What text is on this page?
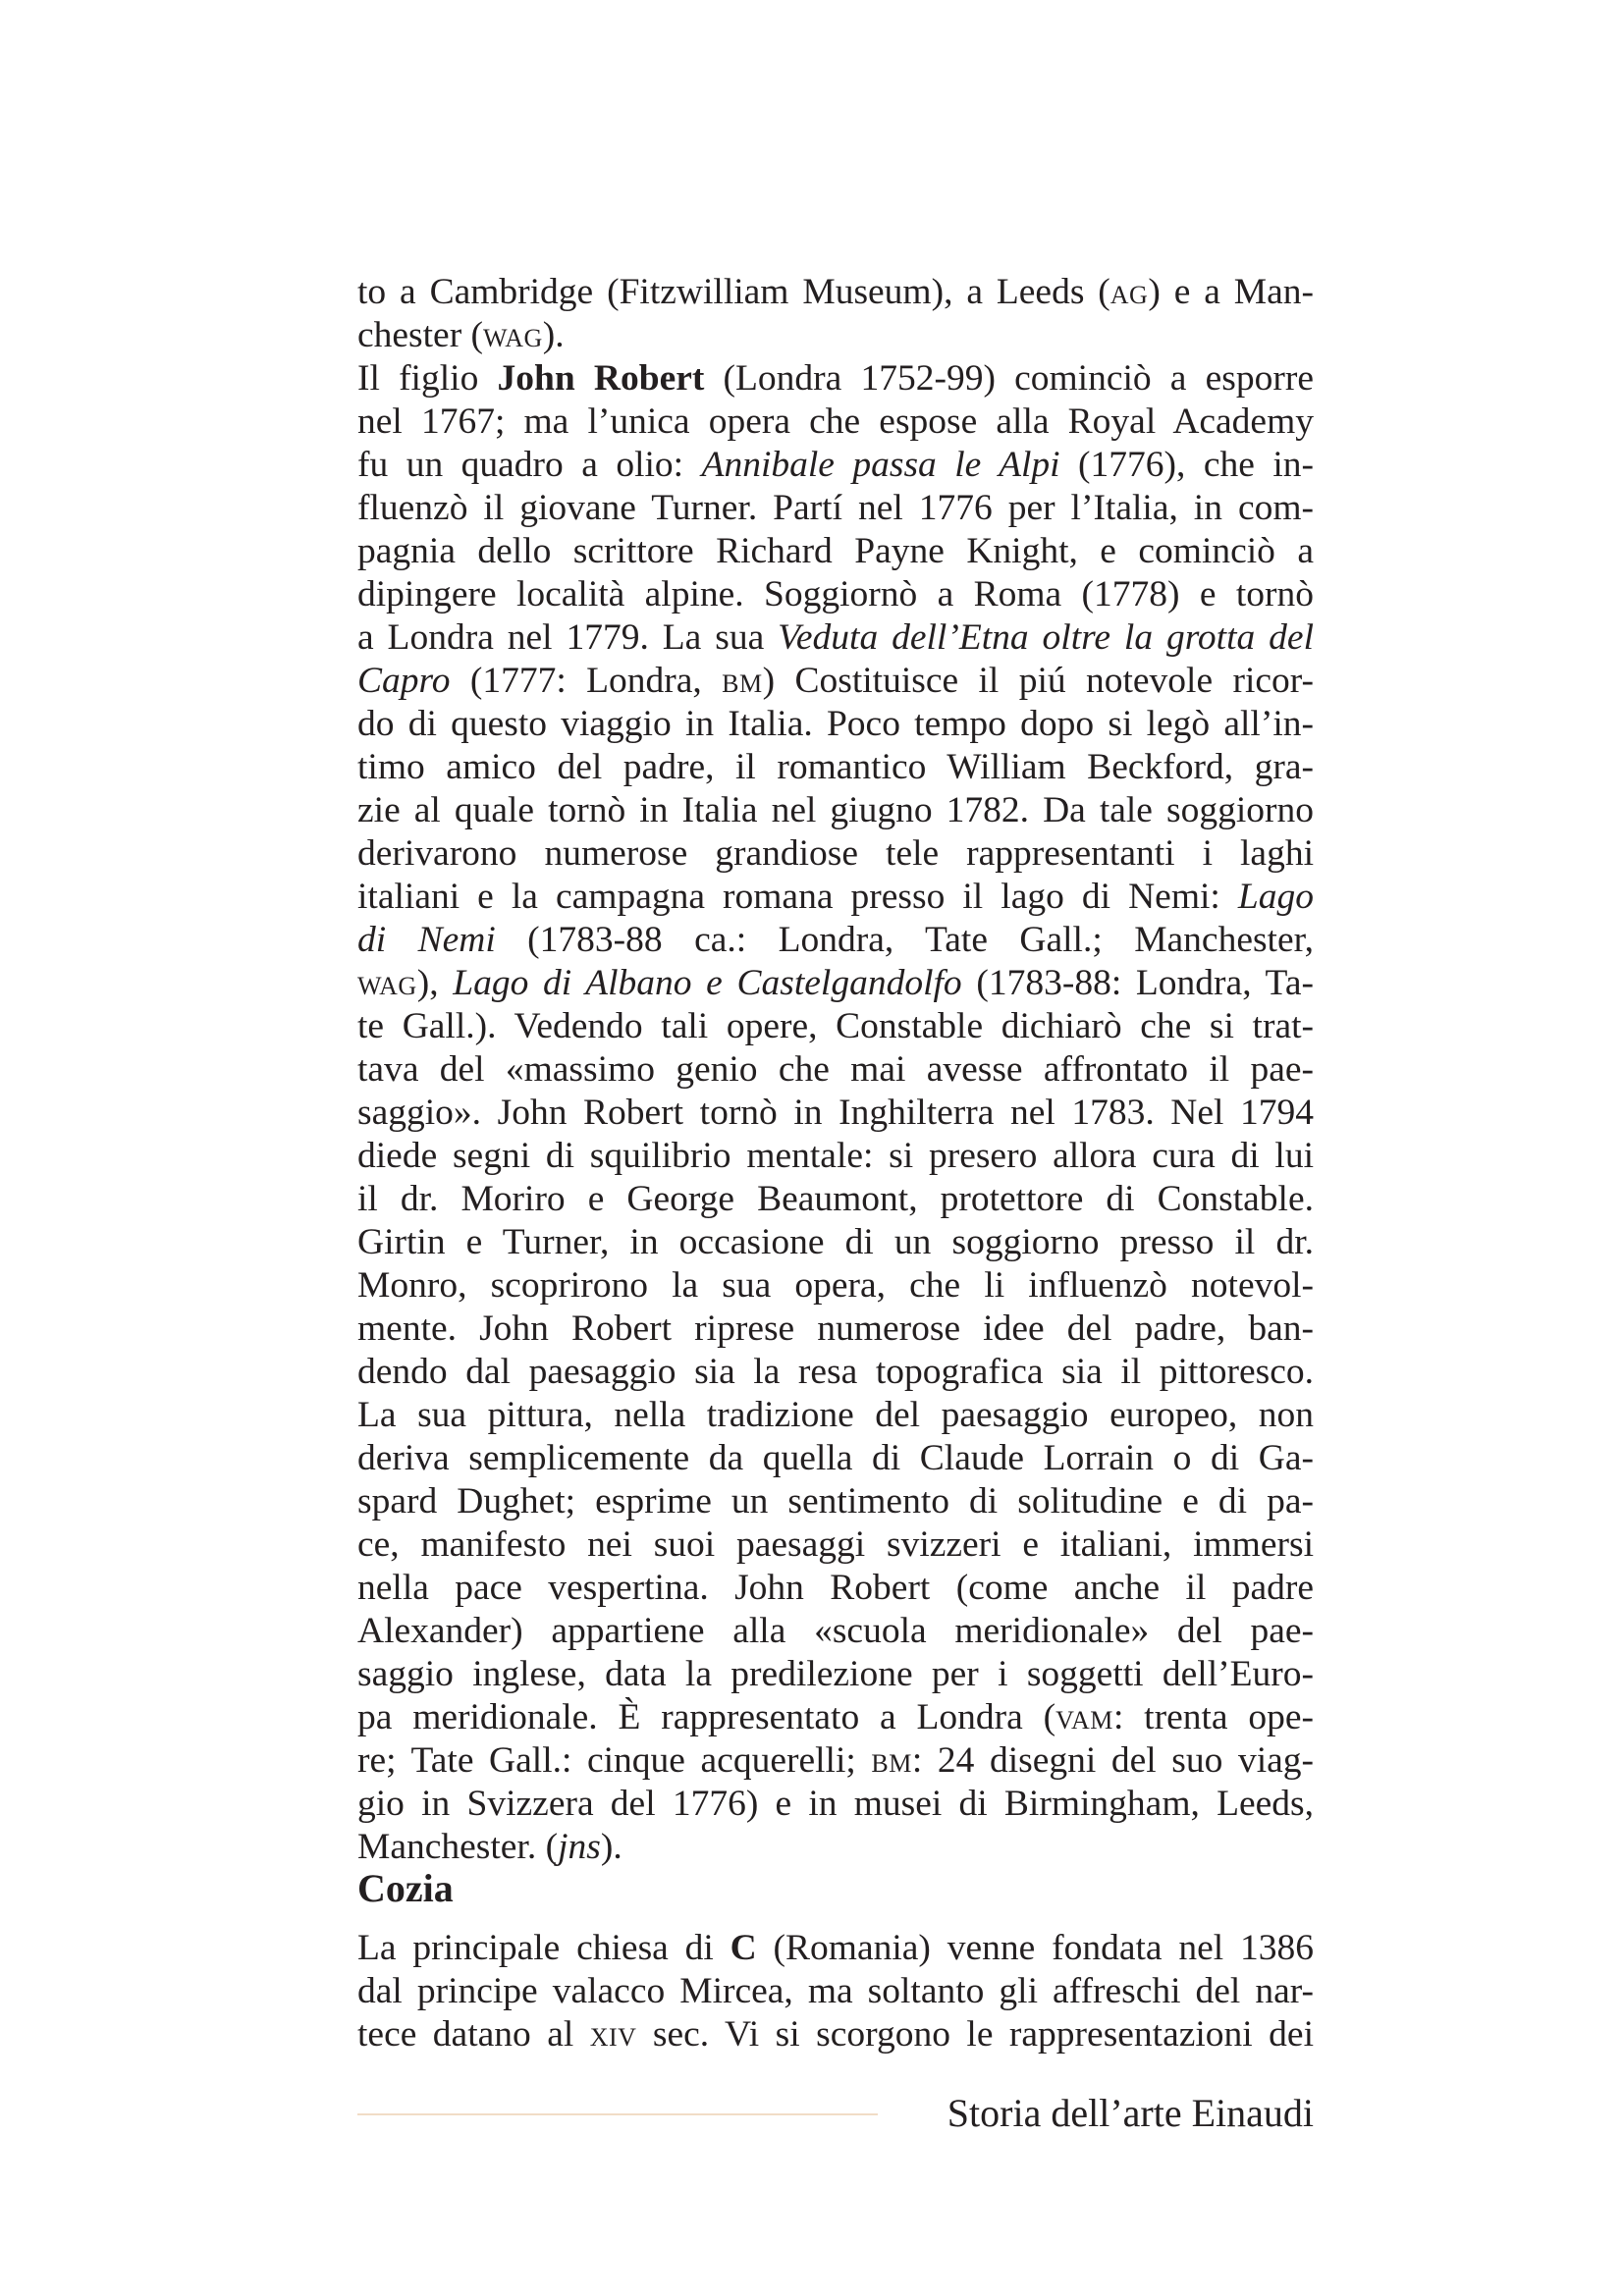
to a Cambridge (Fitzwilliam Museum), a Leeds (ag) e a Man-
chester (wag).
Il figlio John Robert (Londra 1752-99) cominciò a esporre
nel 1767; ma l’unica opera che espose alla Royal Academy
fu un quadro a olio: Annibale passa le Alpi (1776), che in-
fluenzò il giovane Turner. Partí nel 1776 per l’Italia, in com-
pagnia dello scrittore Richard Payne Knight, e cominciò a
dipingere località alpine. Soggiornò a Roma (1778) e tornò
a Londra nel 1779. La sua Veduta dell’Etna oltre la grotta del
Capro (1777: Londra, bm) Costituisce il piú notevole ricor-
do di questo viaggio in Italia. Poco tempo dopo si legò all’in-
timo amico del padre, il romantico William Beckford, gra-
zie al quale tornò in Italia nel giugno 1782. Da tale soggiorno
derivarono numerose grandiose tele rappresentanti i laghi
italiani e la campagna romana presso il lago di Nemi: Lago
di Nemi (1783-88 ca.: Londra, Tate Gall.; Manchester,
wag), Lago di Albano e Castelgandolfo (1783-88: Londra, Ta-
te Gall.). Vedendo tali opere, Constable dichiarò che si trat-
tava del «massimo genio che mai avesse affrontato il pae-
saggio». John Robert tornò in Inghilterra nel 1783. Nel 1794
diede segni di squilibrio mentale: si presero allora cura di lui
il dr. Moriro e George Beaumont, protettore di Constable.
Girtin e Turner, in occasione di un soggiorno presso il dr.
Monro, scoprirono la sua opera, che li influenzò notevol-
mente. John Robert riprese numerose idee del padre, ban-
dendo dal paesaggio sia la resa topografica sia il pittoresco.
La sua pittura, nella tradizione del paesaggio europeo, non
deriva semplicemente da quella di Claude Lorrain o di Ga-
spard Dughet; esprime un sentimento di solitudine e di pa-
ce, manifesto nei suoi paesaggi svizzeri e italiani, immersi
nella pace vespertina. John Robert (come anche il padre
Alexander) appartiene alla «scuola meridionale» del pae-
saggio inglese, data la predilezione per i soggetti dell’Euro-
pa meridionale. È rappresentato a Londra (vam: trenta ope-
re; Tate Gall.: cinque acquerelli; bm: 24 disegni del suo viag-
gio in Svizzera del 1776) e in musei di Birmingham, Leeds,
Manchester. (jns).
Cozia
La principale chiesa di C (Romania) venne fondata nel 1386
dal principe valacco Mircea, ma soltanto gli affreschi del nar-
tece datano al xiv sec. Vi si scorgono le rappresentazioni dei
Storia dell’arte Einaudi
